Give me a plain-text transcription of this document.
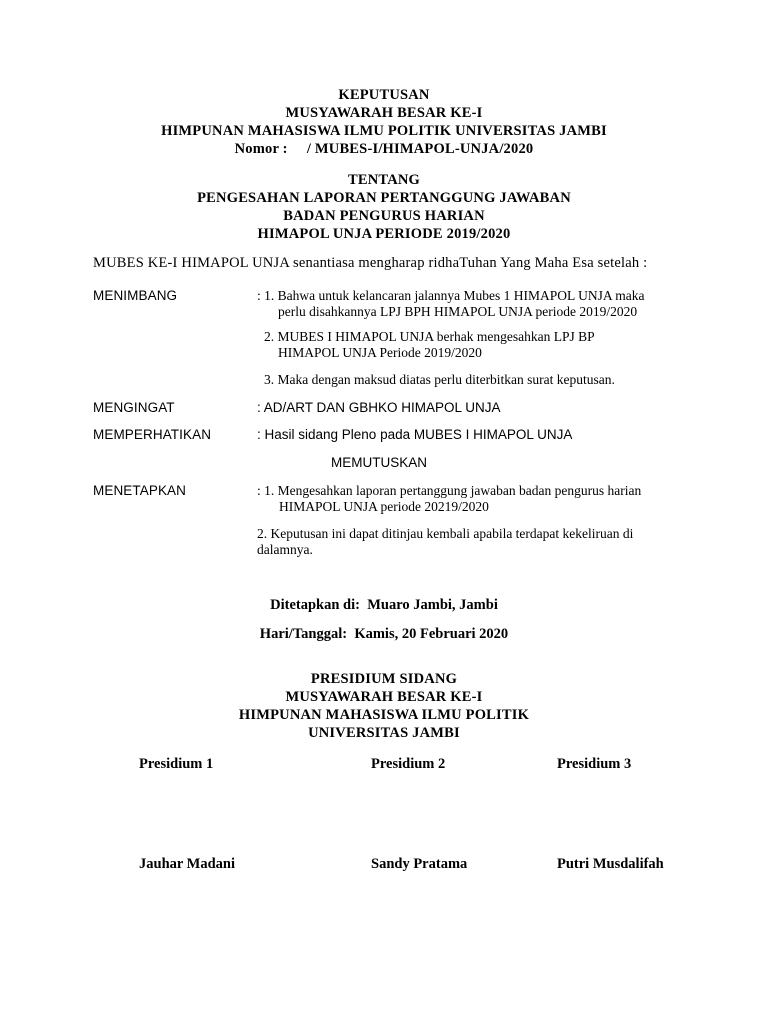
KEPUTUSAN
MUSYAWARAH BESAR KE-I
HIMPUNAN MAHASISWA ILMU POLITIK UNIVERSITAS JAMBI
Nomor :     / MUBES-I/HIMAPOL-UNJA/2020
TENTANG
PENGESAHAN LAPORAN PERTANGGUNG JAWABAN
BADAN PENGURUS HARIAN
HIMAPOL UNJA PERIODE 2019/2020
MUBES KE-I HIMAPOL UNJA senantiasa mengharap ridhaTuhan Yang Maha Esa setelah :
MENIMBANG	: 1. Bahwa untuk kelancaran jalannya Mubes 1 HIMAPOL UNJA maka
perlu disahkannya LPJ BPH HIMAPOL UNJA periode 2019/2020
2. MUBES I HIMAPOL UNJA berhak mengesahkan LPJ BP
HIMAPOL UNJA Periode 2019/2020
3. Maka dengan maksud diatas perlu diterbitkan surat keputusan.
MENGINGAT	: AD/ART DAN GBHKO HIMAPOL UNJA
MEMPERHATIKAN	: Hasil sidang Pleno pada MUBES I HIMAPOL UNJA
MEMUTUSKAN
MENETAPKAN	: 1. Mengesahkan laporan pertanggung jawaban badan pengurus harian
HIMAPOL UNJA periode 20219/2020
2. Keputusan ini dapat ditinjau kembali apabila terdapat kekeliruan di
dalamnya.
Ditetapkan di:  Muaro Jambi, Jambi
Hari/Tanggal:  Kamis, 20 Februari 2020
PRESIDIUM SIDANG
MUSYAWARAH BESAR KE-I
HIMPUNAN MAHASISWA ILMU POLITIK
UNIVERSITAS JAMBI
Presidium 1	Presidium 2	Presidium 3
Jauhar Madani	Sandy Pratama	Putri Musdalifah
